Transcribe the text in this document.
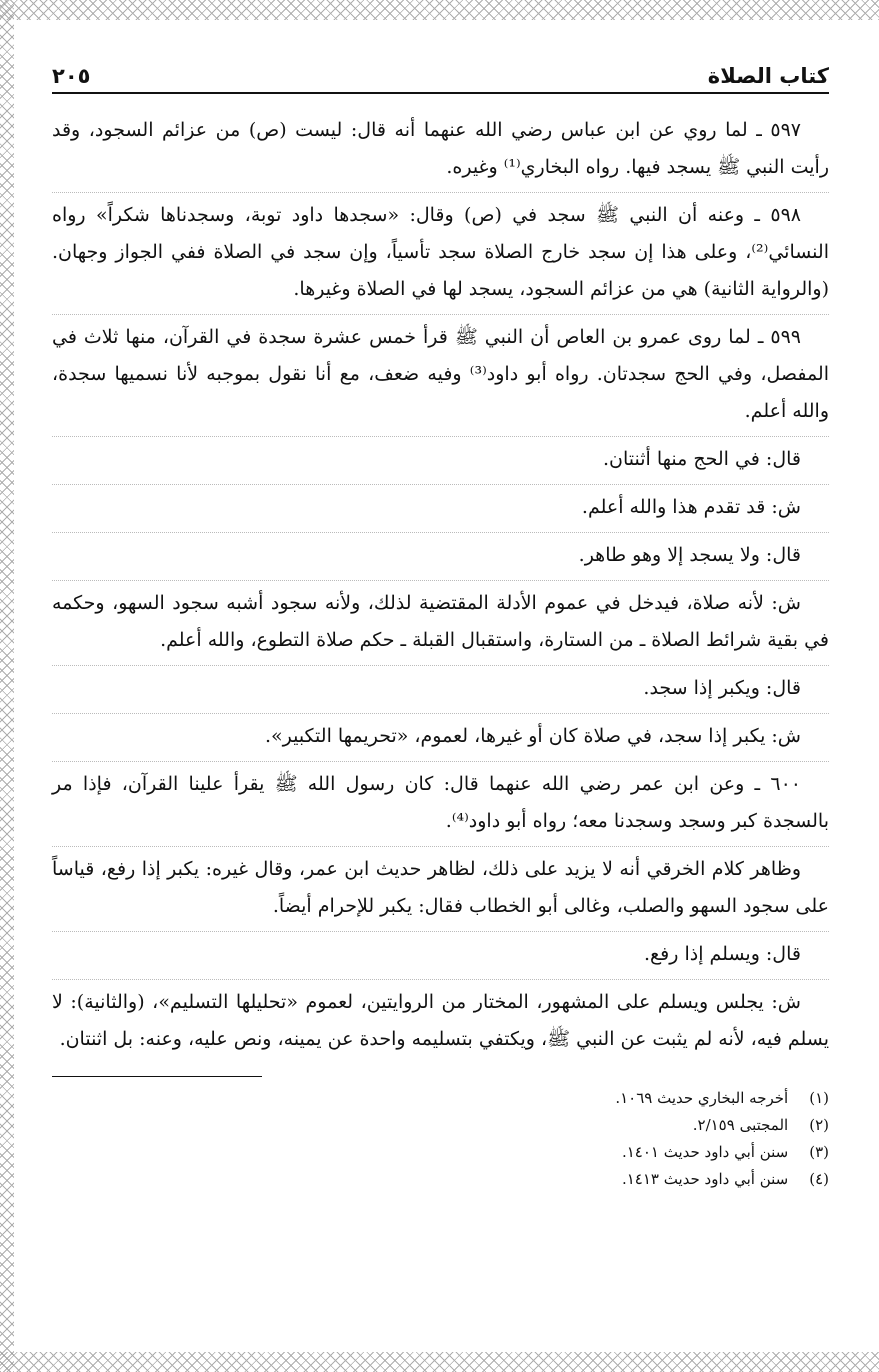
كتاب الصلاة
٢٠٥

٥٩٧ ـ لما روي عن ابن عباس رضي الله عنهما أنه قال: ليست (ص) من عزائم السجود، وقد رأيت النبي ﷺ يسجد فيها. رواه البخاري⁽¹⁾ وغيره.

٥٩٨ ـ وعنه أن النبي ﷺ سجد في (ص) وقال: «سجدها داود توبة، وسجدناها شكراً» رواه النسائي⁽²⁾، وعلى هذا إن سجد خارج الصلاة سجد تأسياً، وإن سجد في الصلاة ففي الجواز وجهان. (والرواية الثانية) هي من عزائم السجود، يسجد لها في الصلاة وغيرها.

٥٩٩ ـ لما روى عمرو بن العاص أن النبي ﷺ قرأ خمس عشرة سجدة في القرآن، منها ثلاث في المفصل، وفي الحج سجدتان. رواه أبو داود⁽³⁾ وفيه ضعف، مع أنا نقول بموجبه لأنا نسميها سجدة، والله أعلم.

قال: في الحج منها أثنتان.

ش: قد تقدم هذا والله أعلم.

قال: ولا يسجد إلا وهو طاهر.

ش: لأنه صلاة، فيدخل في عموم الأدلة المقتضية لذلك، ولأنه سجود أشبه سجود السهو، وحكمه في بقية شرائط الصلاة ـ من الستارة، واستقبال القبلة ـ حكم صلاة التطوع، والله أعلم.

قال: ويكبر إذا سجد.

ش: يكبر إذا سجد، في صلاة كان أو غيرها، لعموم، «تحريمها التكبير».

٦٠٠ ـ وعن ابن عمر رضي الله عنهما قال: كان رسول الله ﷺ يقرأ علينا القرآن، فإذا مر بالسجدة كبر وسجد وسجدنا معه؛ رواه أبو داود⁽⁴⁾.

وظاهر كلام الخرقي أنه لا يزيد على ذلك، لظاهر حديث ابن عمر، وقال غيره: يكبر إذا رفع، قياساً على سجود السهو والصلب، وغالى أبو الخطاب فقال: يكبر للإحرام أيضاً.

قال: ويسلم إذا رفع.

ش: يجلس ويسلم على المشهور، المختار من الروايتين، لعموم «تحليلها التسليم»، (والثانية): لا يسلم فيه، لأنه لم يثبت عن النبي ﷺ، ويكتفي بتسليمه واحدة عن يمينه، ونص عليه، وعنه: بل اثنتان.

(١) أخرجه البخاري حديث ١٠٦٩.
(٢) المجتبى ٢/١٥٩.
(٣) سنن أبي داود حديث ١٤٠١.
(٤) سنن أبي داود حديث ١٤١٣.
